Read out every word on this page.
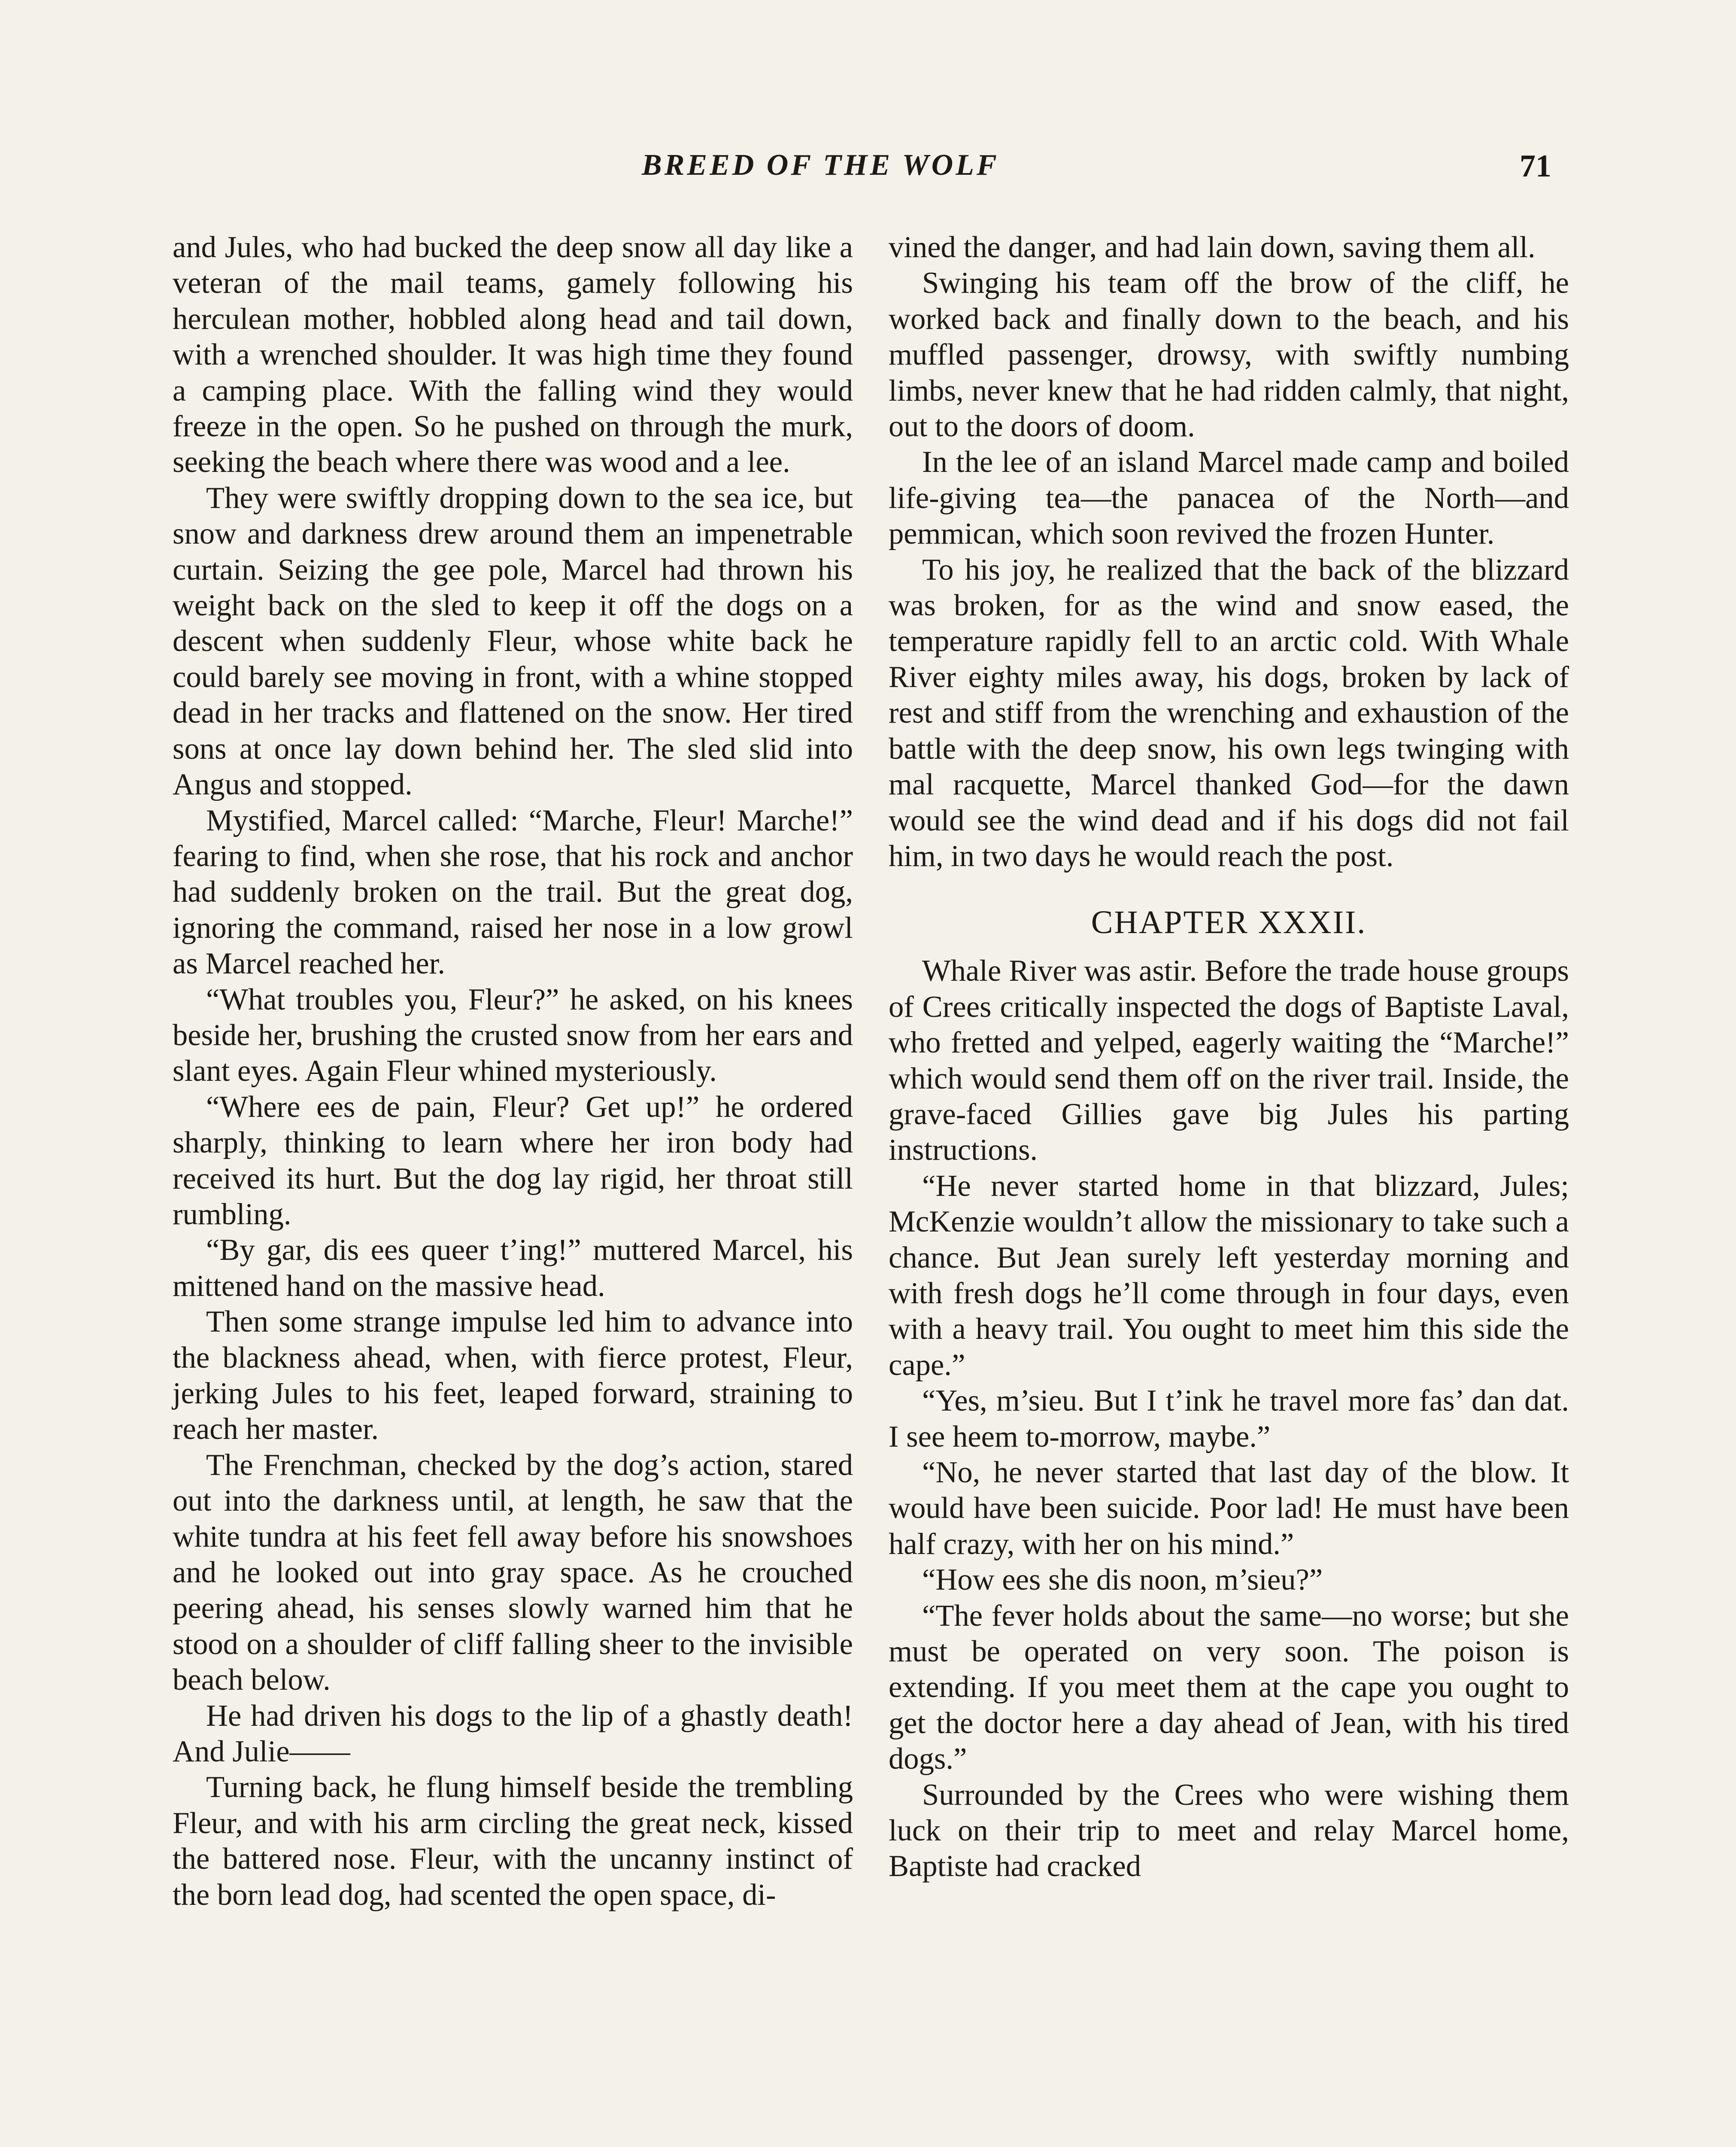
BREED OF THE WOLF	71

and Jules, who had bucked the deep snow all day like a veteran of the mail teams, gamely following his herculean mother, hobbled along head and tail down, with a wrenched shoulder. It was high time they found a camping place. With the falling wind they would freeze in the open. So he pushed on through the murk, seeking the beach where there was wood and a lee.

They were swiftly dropping down to the sea ice, but snow and darkness drew around them an impenetrable curtain. Seizing the gee pole, Marcel had thrown his weight back on the sled to keep it off the dogs on a descent when suddenly Fleur, whose white back he could barely see moving in front, with a whine stopped dead in her tracks and flattened on the snow. Her tired sons at once lay down behind her. The sled slid into Angus and stopped.

Mystified, Marcel called: “Marche, Fleur! Marche!” fearing to find, when she rose, that his rock and anchor had suddenly broken on the trail. But the great dog, ignoring the command, raised her nose in a low growl as Marcel reached her.

“What troubles you, Fleur?” he asked, on his knees beside her, brushing the crusted snow from her ears and slant eyes. Again Fleur whined mysteriously.

“Where ees de pain, Fleur? Get up!” he ordered sharply, thinking to learn where her iron body had received its hurt. But the dog lay rigid, her throat still rumbling.

“By gar, dis ees queer t’ing!” muttered Marcel, his mittened hand on the massive head.

Then some strange impulse led him to advance into the blackness ahead, when, with fierce protest, Fleur, jerking Jules to his feet, leaped forward, straining to reach her master.

The Frenchman, checked by the dog’s action, stared out into the darkness until, at length, he saw that the white tundra at his feet fell away before his snowshoes and he looked out into gray space. As he crouched peering ahead, his senses slowly warned him that he stood on a shoulder of cliff falling sheer to the invisible beach below.

He had driven his dogs to the lip of a ghastly death! And Julie——

Turning back, he flung himself beside the trembling Fleur, and with his arm circling the great neck, kissed the battered nose. Fleur, with the uncanny instinct of the born lead dog, had scented the open space, di-

vined the danger, and had lain down, saving them all.

Swinging his team off the brow of the cliff, he worked back and finally down to the beach, and his muffled passenger, drowsy, with swiftly numbing limbs, never knew that he had ridden calmly, that night, out to the doors of doom.

In the lee of an island Marcel made camp and boiled life-giving tea—the panacea of the North—and pemmican, which soon revived the frozen Hunter.

To his joy, he realized that the back of the blizzard was broken, for as the wind and snow eased, the temperature rapidly fell to an arctic cold. With Whale River eighty miles away, his dogs, broken by lack of rest and stiff from the wrenching and exhaustion of the battle with the deep snow, his own legs twinging with mal racquette, Marcel thanked God—for the dawn would see the wind dead and if his dogs did not fail him, in two days he would reach the post.

CHAPTER XXXII.

Whale River was astir. Before the trade house groups of Crees critically inspected the dogs of Baptiste Laval, who fretted and yelped, eagerly waiting the “Marche!” which would send them off on the river trail. Inside, the grave-faced Gillies gave big Jules his parting instructions.

“He never started home in that blizzard, Jules; McKenzie wouldn’t allow the missionary to take such a chance. But Jean surely left yesterday morning and with fresh dogs he’ll come through in four days, even with a heavy trail. You ought to meet him this side the cape.”

“Yes, m’sieu. But I t’ink he travel more fas’ dan dat. I see heem to-morrow, maybe.”

“No, he never started that last day of the blow. It would have been suicide. Poor lad! He must have been half crazy, with her on his mind.”

“How ees she dis noon, m’sieu?”

“The fever holds about the same—no worse; but she must be operated on very soon. The poison is extending. If you meet them at the cape you ought to get the doctor here a day ahead of Jean, with his tired dogs.”

Surrounded by the Crees who were wishing them luck on their trip to meet and relay Marcel home, Baptiste had cracked
